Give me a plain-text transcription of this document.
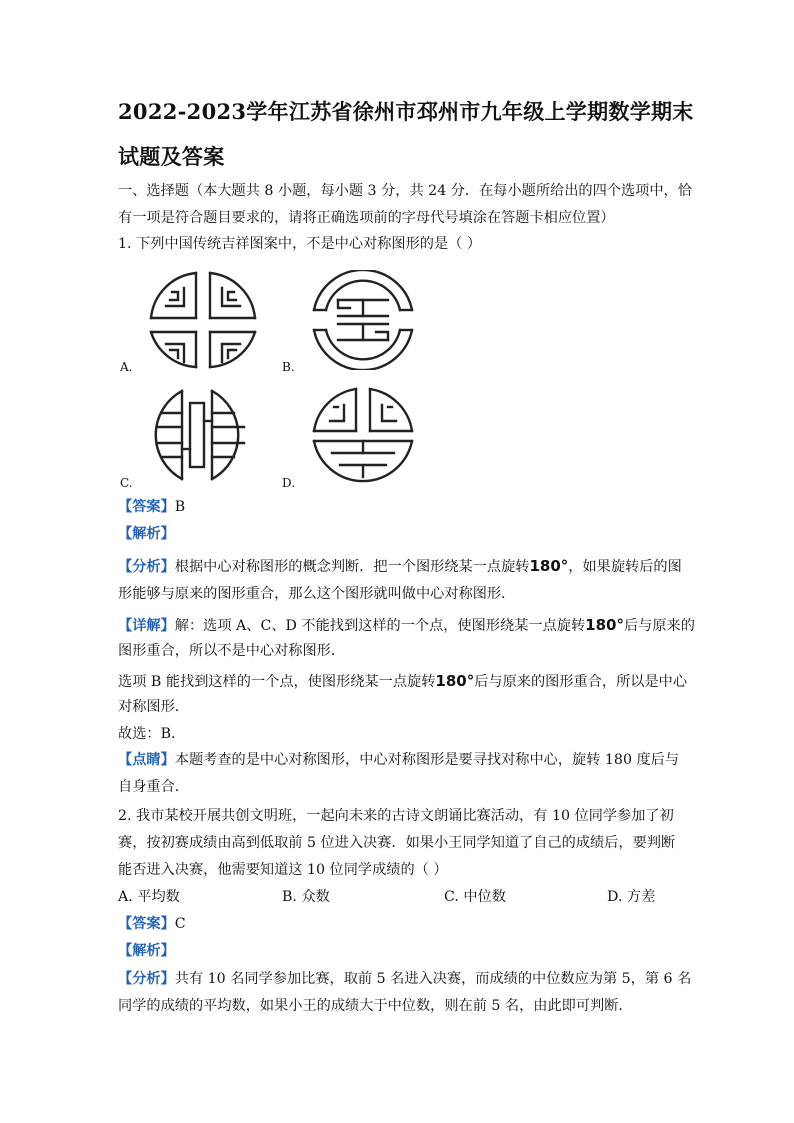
2022-2023学年江苏省徐州市邳州市九年级上学期数学期末
试题及答案
一、选择题（本大题共 8 小题，每小题 3 分，共 24 分．在每小题所给出的四个选项中，恰
有一项是符合题目要求的，请将正确选项前的字母代号填涂在答题卡相应位置）
1. 下列中国传统吉祥图案中，不是中心对称图形的是（ ）
A.	B.
C.	D.
【答案】B
【解析】
【分析】根据中心对称图形的概念判断．把一个图形绕某一点旋转180°，如果旋转后的图
形能够与原来的图形重合，那么这个图形就叫做中心对称图形．
【详解】解：选项 A、C、D 不能找到这样的一个点，使图形绕某一点旋转180°后与原来的
图形重合，所以不是中心对称图形．
选项 B 能找到这样的一个点，使图形绕某一点旋转180°后与原来的图形重合，所以是中心
对称图形．
故选：B．
【点睛】本题考查的是中心对称图形，中心对称图形是要寻找对称中心，旋转 180 度后与
自身重合．
2. 我市某校开展共创文明班，一起向未来的古诗文朗诵比赛活动，有 10 位同学参加了初
赛，按初赛成绩由高到低取前 5 位进入决赛．如果小王同学知道了自己的成绩后，要判断
能否进入决赛，他需要知道这 10 位同学成绩的（ ）
A. 平均数	B. 众数	C. 中位数	D. 方差
【答案】C
【解析】
【分析】共有 10 名同学参加比赛，取前 5 名进入决赛，而成绩的中位数应为第 5，第 6 名
同学的成绩的平均数，如果小王的成绩大于中位数，则在前 5 名，由此即可判断．
